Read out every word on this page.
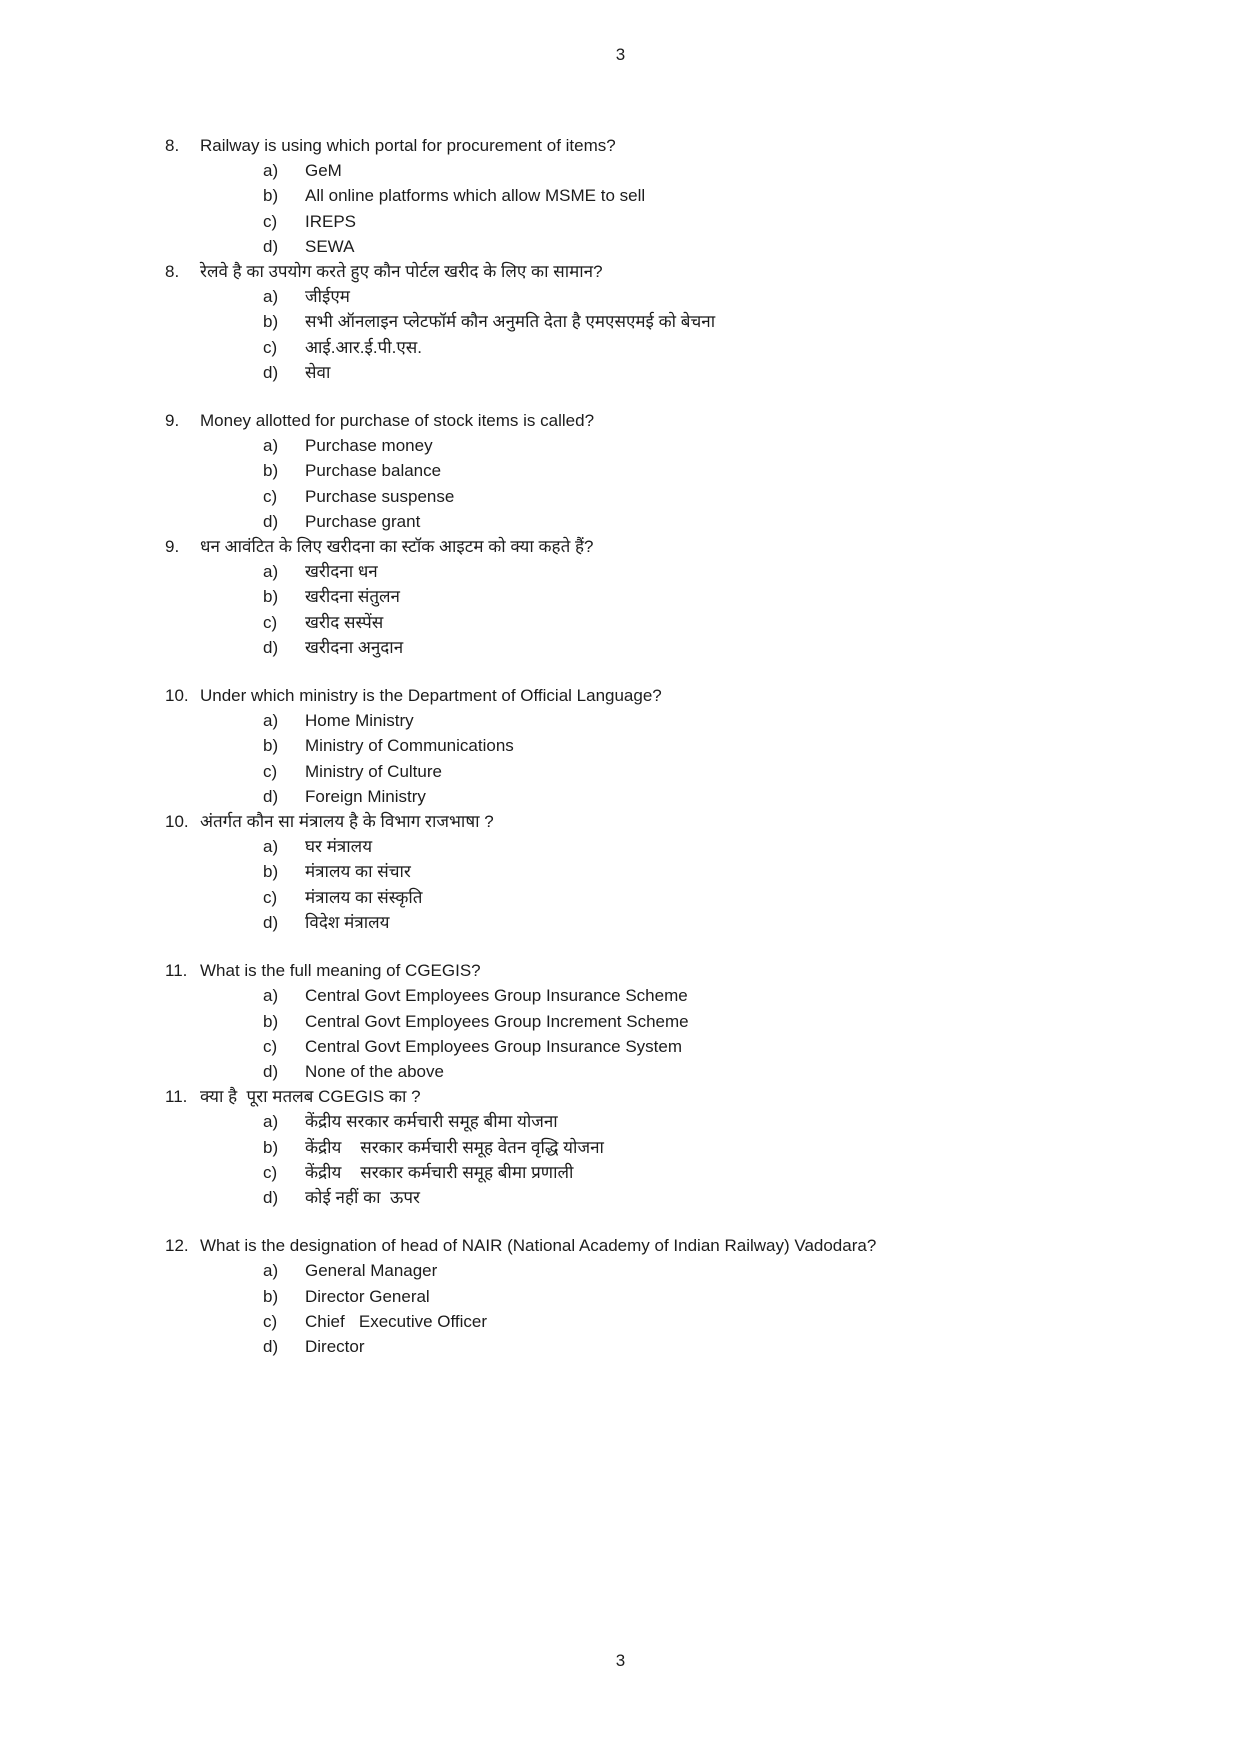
3
8.	Railway is using which portal for procurement of items?
a)	GeM
b)	All online platforms which allow MSME to sell
c)	IREPS
d)	SEWA
8.	रेलवे है का उपयोग करते हुए कौन पोर्टल खरीद के लिए का सामान?
a)	जीईएम
b)	सभी ऑनलाइन प्लेटफॉर्म कौन अनुमति देता है एमएसएमई को बेचना
c)	आई.आर.ई.पी.एस.
d)	सेवा
9.	Money allotted for purchase of stock items is called?
a)	Purchase money
b)	Purchase balance
c)	Purchase suspense
d)	Purchase grant
9.	धन आवंटित के लिए खरीदना का स्टॉक आइटम को क्या कहते हैं?
a)	खरीदना धन
b)	खरीदना संतुलन
c)	खरीद सस्पेंस
d)	खरीदना अनुदान
10. Under which ministry is the Department of Official Language?
a)	Home Ministry
b)	Ministry of Communications
c)	Ministry of Culture
d)	Foreign Ministry
10. अंतर्गत कौन सा मंत्रालय है के विभाग राजभाषा ?
a)	घर मंत्रालय
b)	मंत्रालय का संचार
c)	मंत्रालय का संस्कृति
d)	विदेश मंत्रालय
11. What is the full meaning of CGEGIS?
a)	Central Govt Employees Group Insurance Scheme
b)	Central Govt Employees Group Increment Scheme
c)	Central Govt Employees Group Insurance System
d)	None of the above
11. क्या है  पूरा मतलब CGEGIS का ?
a)	केंद्रीय सरकार कर्मचारी समूह बीमा योजना
b)	केंद्रीय    सरकार कर्मचारी समूह वेतन वृद्धि योजना
c)	केंद्रीय    सरकार कर्मचारी समूह बीमा प्रणाली
d)	कोई नहीं का  ऊपर
12. What is the designation of head of NAIR (National Academy of Indian Railway) Vadodara?
a)	General Manager
b)	Director General
c)	Chief   Executive Officer
d)	Director
3
